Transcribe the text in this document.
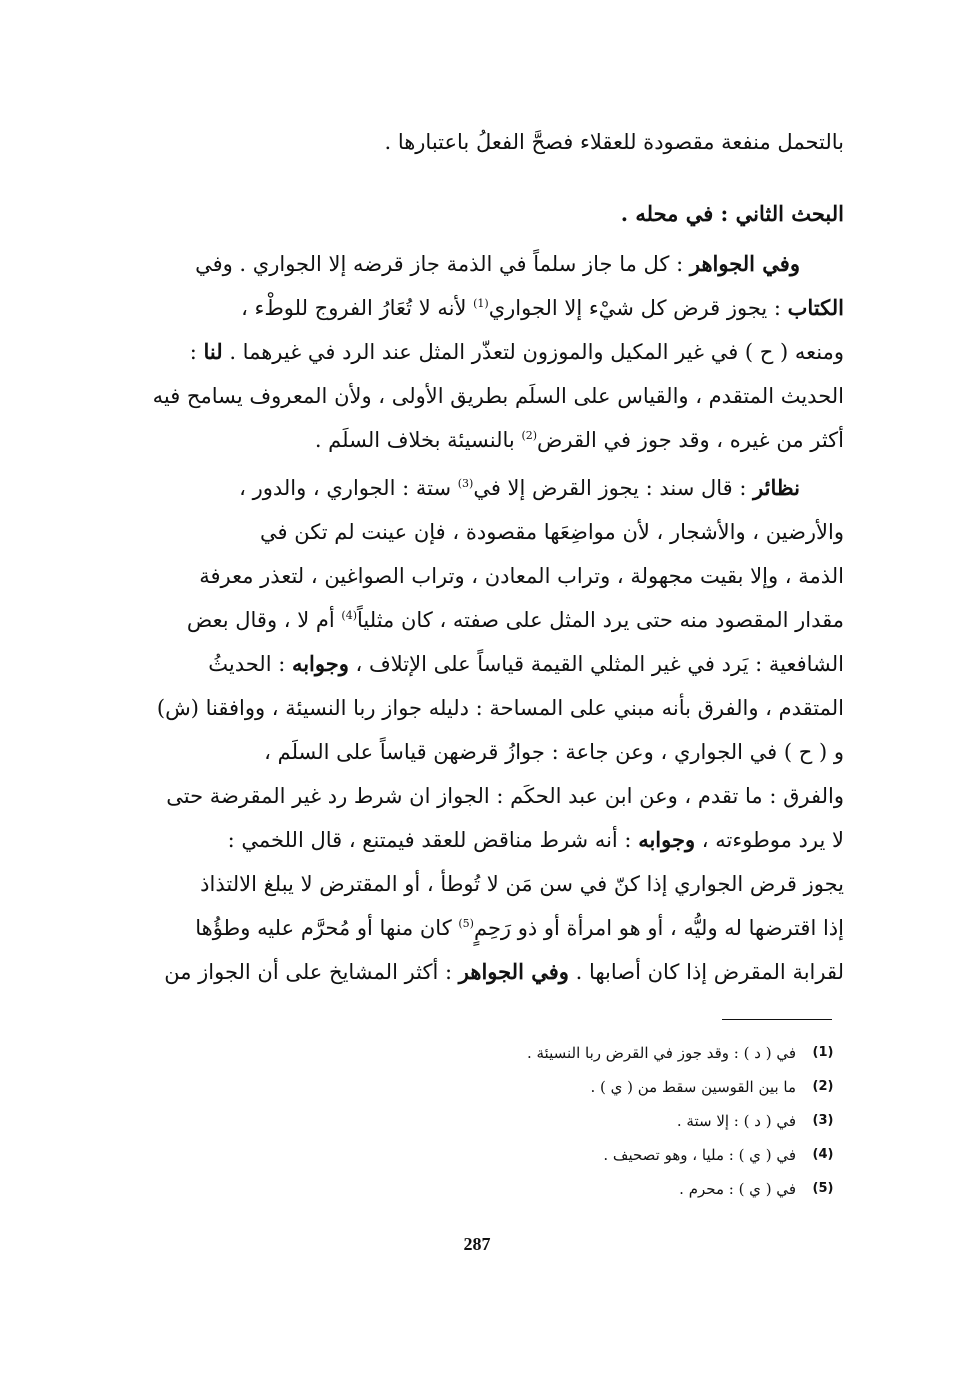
بالتحمل منفعة مقصودة للعقلاء فصحَّ الفعلُ باعتبارها .
البحث الثاني : في محله .
وفي الجواهر : كل ما جاز سلماً في الذمة جاز قرضه إلا الجواري . وفي
الكتاب : يجوز قرض كل شيْء إلا الجواري$^{(1)}$ لأنه لا تُعَارُ الفروج للوطْء ،
ومنعه ( ح ) في غير المكيل والموزون لتعذّر المثل عند الرد في غيرهما . لنا :
الحديث المتقدم ، والقياس على السلَم بطريق الأولى ، ولأن المعروف يسامح فيه
أكثر من غيره ، وقد جوز في القرض$^{(2)}$ بالنسيئة بخلاف السلَم .
نظائر : قال سند : يجوز القرض إلا في$^{(3)}$ ستة : الجواري ، والدور ،
والأرضين ، والأشجار ، لأن مواضِعَها مقصودة ، فإن عينت لم تكن في
الذمة ، وإلا بقيت مجهولة ، وتراب المعادن ، وتراب الصواغين ، لتعذر معرفة
مقدار المقصود منه حتى يرد المثل على صفته ، كان مثلياً$^{(4)}$ أم لا ، وقال بعض
الشافعية : يَرد في غير المثلي القيمة قياساً على الإتلاف ، وجوابه : الحديثُ
المتقدم ، والفرق بأنه مبني على المساحة : دليله جواز ربا النسيئة ، ووافقنا (ش)
و ( ح ) في الجواري ، وعن جاعة : جوازُ قرضهن قياساً على السلَم ،
والفرق : ما تقدم ، وعن ابن عبد الحكَم : الجواز ان شرط رد غير المقرضة حتى
لا يرد موطوءته ، وجوابه : أنه شرط مناقض للعقد فيمتنع ، قال اللخمي :
يجوز قرض الجواري إذا كنّ في سن مَن لا تُوطأ ، أو المقترض لا يبلغ الالتذاذ
إذا اقترضها له وليُّه ، أو هو امرأة أو ذو رَحِمٍ$^{(5)}$ كان منها أو مُحرَّم عليه وطؤُها
لقرابة المقرض إذا كان أصابها . وفي الجواهر : أكثر المشايخ على أن الجواز من
(1)
في ( د ) : وقد جوز في القرض ربا النسيئة .
(2)
ما بين القوسين سقط من ( ي ) .
(3)
في ( د ) : إلا ستة .
(4)
في ( ي ) : مليا ، وهو تصحيف .
(5)
في ( ي ) : محرم .
287
